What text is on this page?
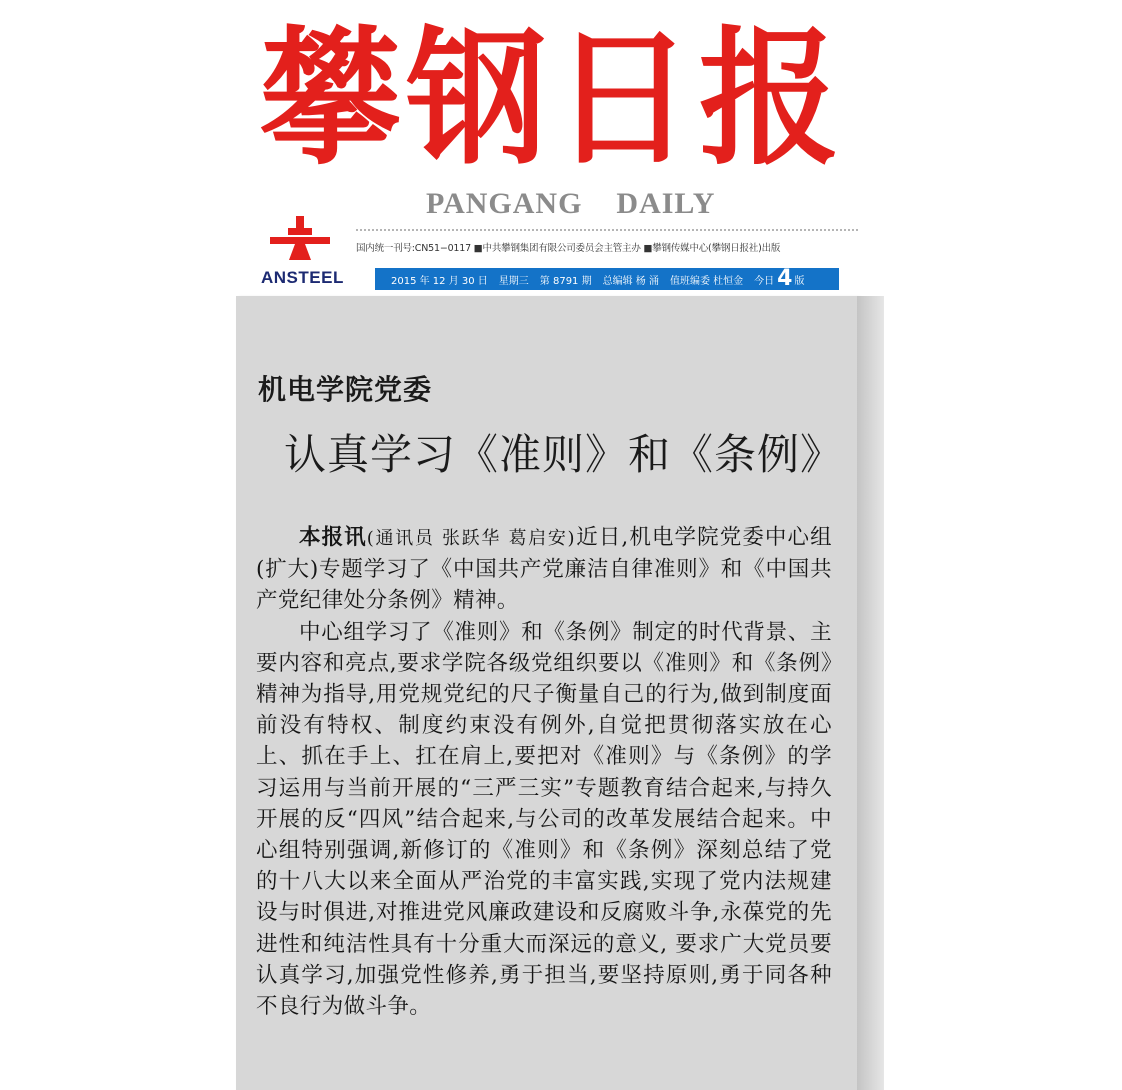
攀钢日报
PANGANG    DAILY
国内统一刊号:CN51−0117 ■中共攀钢集团有限公司委员会主管主办 ■攀钢传媒中心(攀钢日报社)出版
ANSTEEL	2015 年 12 月 30 日 星期三 第 8791 期 总编辑 杨 涌 值班编委 杜恒金 今日 4 版
机电学院党委
认真学习《准则》和《条例》

本报讯(通讯员 张跃华 葛启安)近日,机电学院党委中心组(扩大)专题学习了《中国共产党廉洁自律准则》和《中国共产党纪律处分条例》精神。

中心组学习了《准则》和《条例》制定的时代背景、主要内容和亮点,要求学院各级党组织要以《准则》和《条例》精神为指导,用党规党纪的尺子衡量自己的行为,做到制度面前没有特权、制度约束没有例外,自觉把贯彻落实放在心上、抓在手上、扛在肩上,要把对《准则》与《条例》的学习运用与当前开展的“三严三实”专题教育结合起来,与持久开展的反“四风”结合起来,与公司的改革发展结合起来。中心组特别强调,新修订的《准则》和《条例》深刻总结了党的十八大以来全面从严治党的丰富实践,实现了党内法规建设与时俱进,对推进党风廉政建设和反腐败斗争,永葆党的先进性和纯洁性具有十分重大而深远的意义, 要求广大党员要认真学习,加强党性修养,勇于担当,要坚持原则,勇于同各种不良行为做斗争。
